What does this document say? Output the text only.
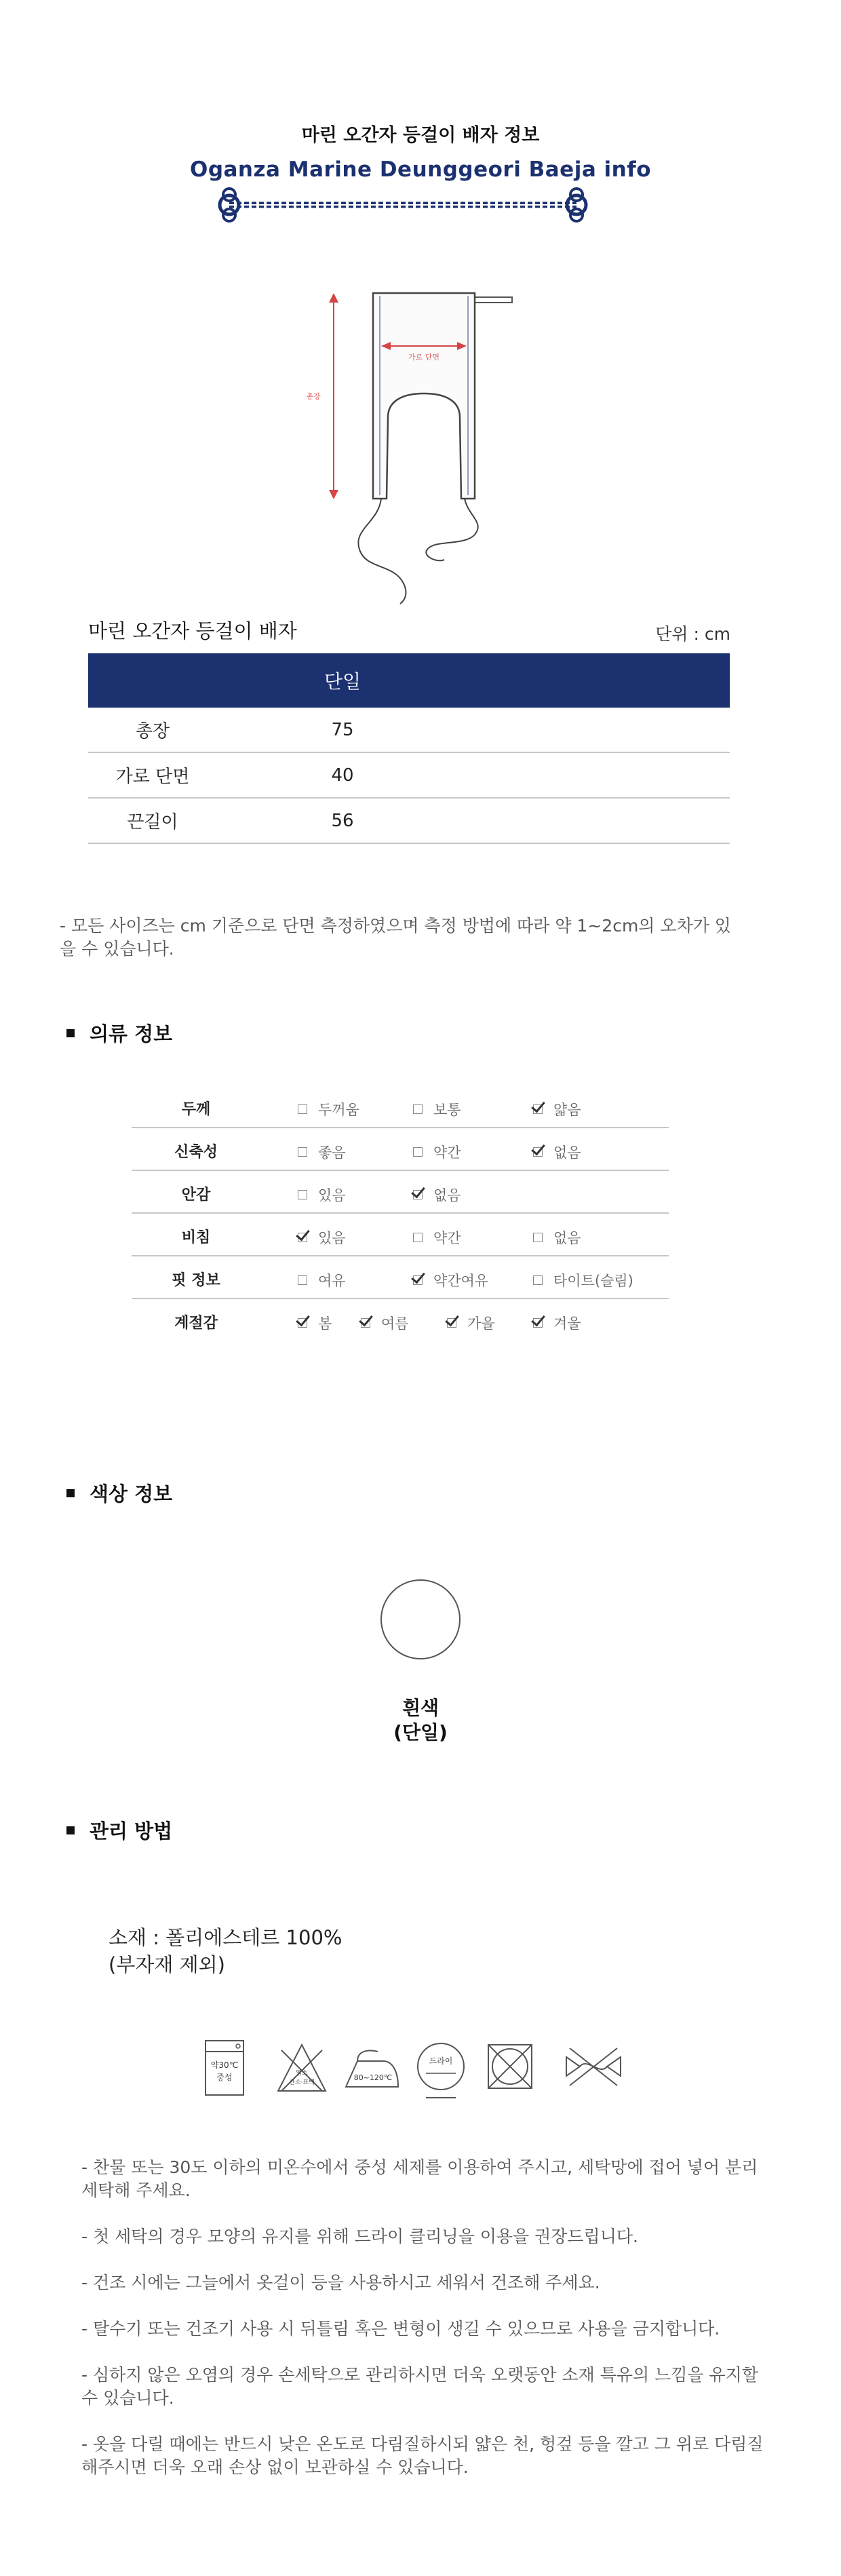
마린 오간자 등걸이 배자 정보
Oganza Marine Deunggeori Baeja info
가로 단면
총장
마린 오간자 등걸이 배자	단위 : cm
단일
총장	75
가로 단면	40
끈길이	56
- 모든 사이즈는 cm 기준으로 단면 측정하였으며 측정 방법에 따라 약 1~2cm의 오차가 있을 수 있습니다.
의류 정보
두께	두꺼움	보통	얇음
신축성	좋음	약간	없음
안감	있음	없음
비침	있음	약간	없음
핏 정보	여유	약간여유	타이트(슬림)
계절감	봄	여름	가을	겨울
색상 정보
흰색
(단일)
관리 방법
소재 : 폴리에스테르 100%
(부자재 제외)
약30℃
중성	염소
산소·표백
80~120℃
드라이
- 찬물 또는 30도 이하의 미온수에서 중성 세제를 이용하여 주시고, 세탁망에 접어 넣어 분리 세탁해 주세요.
- 첫 세탁의 경우 모양의 유지를 위해 드라이 클리닝을 이용을 권장드립니다.
- 건조 시에는 그늘에서 옷걸이 등을 사용하시고 세워서 건조해 주세요.
- 탈수기 또는 건조기 사용 시 뒤틀림 혹은 변형이 생길 수 있으므로 사용을 금지합니다.
- 심하지 않은 오염의 경우 손세탁으로 관리하시면 더욱 오랫동안 소재 특유의 느낌을 유지할 수 있습니다.
- 옷을 다릴 때에는 반드시 낮은 온도로 다림질하시되 얇은 천, 헝겊 등을 깔고 그 위로 다림질 해주시면 더욱 오래 손상 없이 보관하실 수 있습니다.
